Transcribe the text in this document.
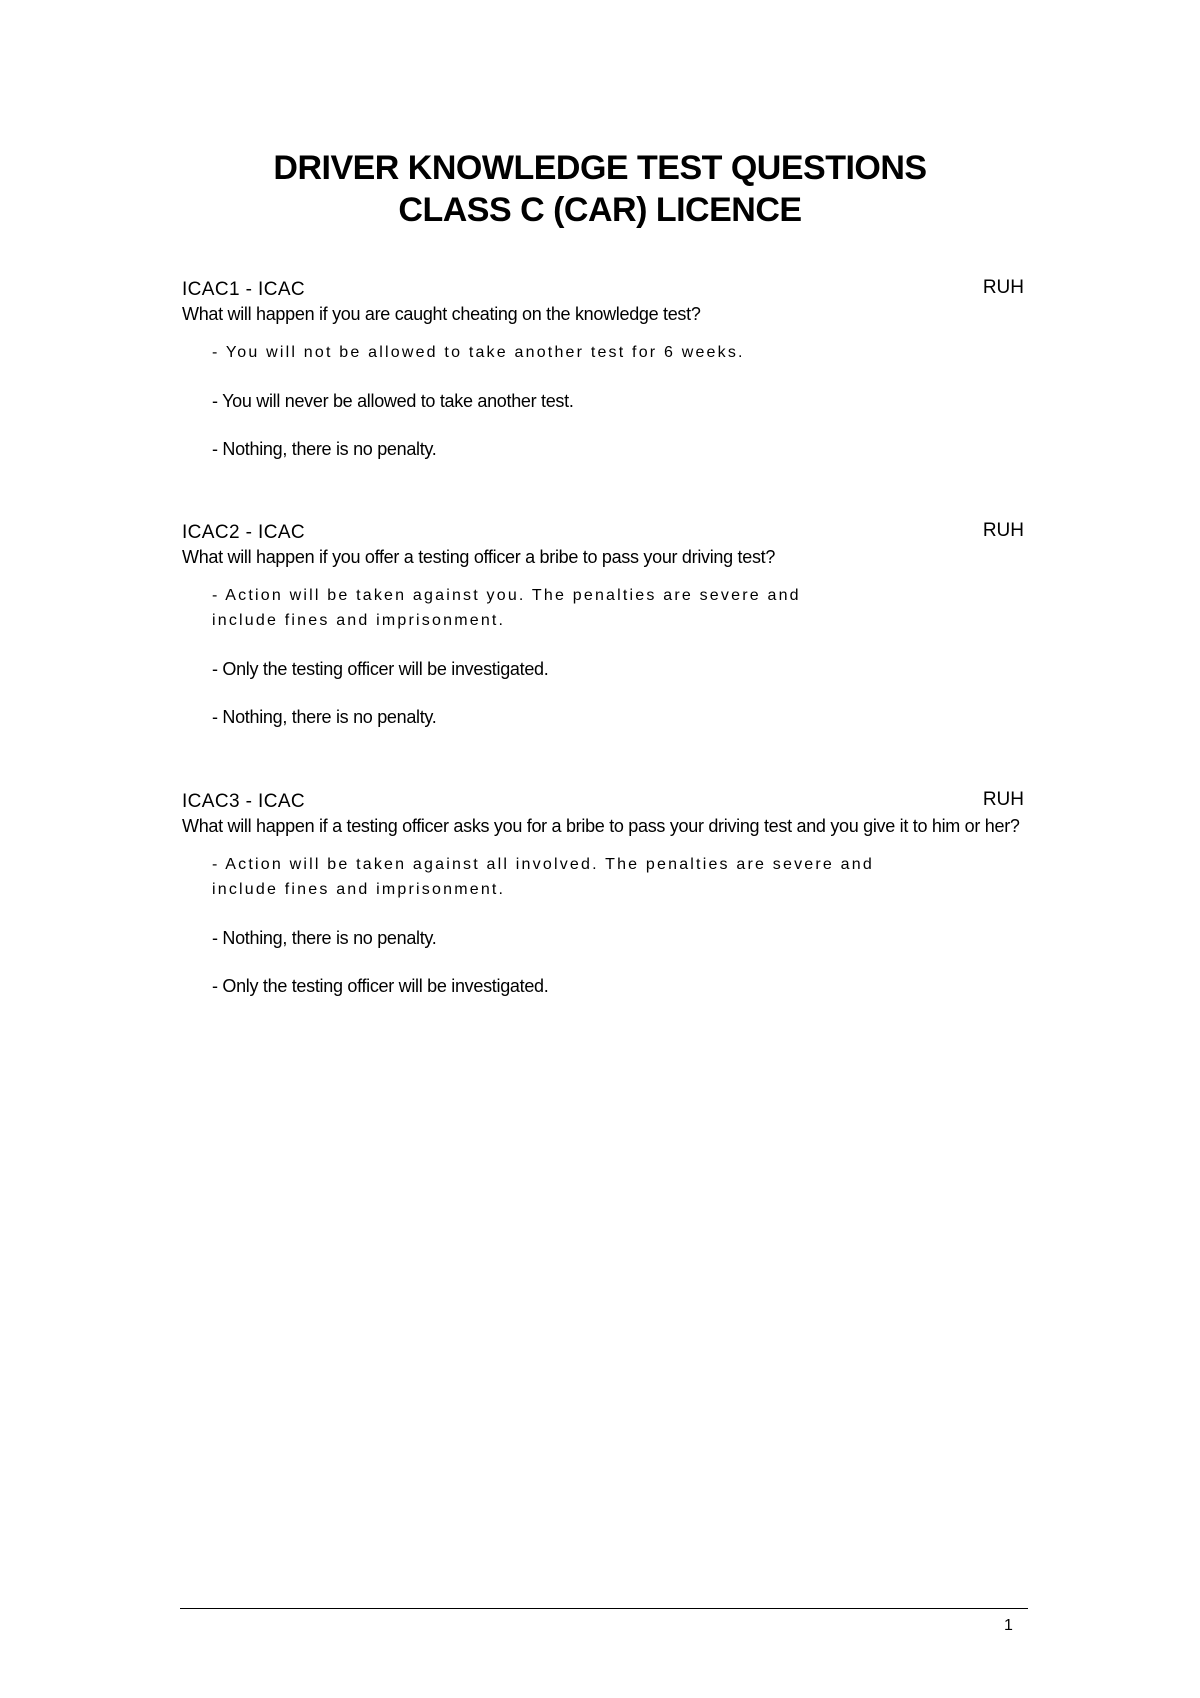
DRIVER KNOWLEDGE TEST QUESTIONS
CLASS C (CAR) LICENCE
ICAC1 - ICAC	RUH
What will happen if you are caught cheating on the knowledge test?
- You will not be allowed to take another test for 6 weeks.
- You will never be allowed to take another test.
- Nothing, there is no penalty.
ICAC2 - ICAC	RUH
What will happen if you offer a testing officer a bribe to pass your driving test?
- Action will be taken against you. The penalties are severe and include fines and imprisonment.
- Only the testing officer will be investigated.
- Nothing, there is no penalty.
ICAC3 - ICAC	RUH
What will happen if a testing officer asks you for a bribe to pass your driving test and you give it to him or her?
- Action will be taken against all involved. The penalties are severe and include fines and imprisonment.
- Nothing, there is no penalty.
- Only the testing officer will be investigated.
1
